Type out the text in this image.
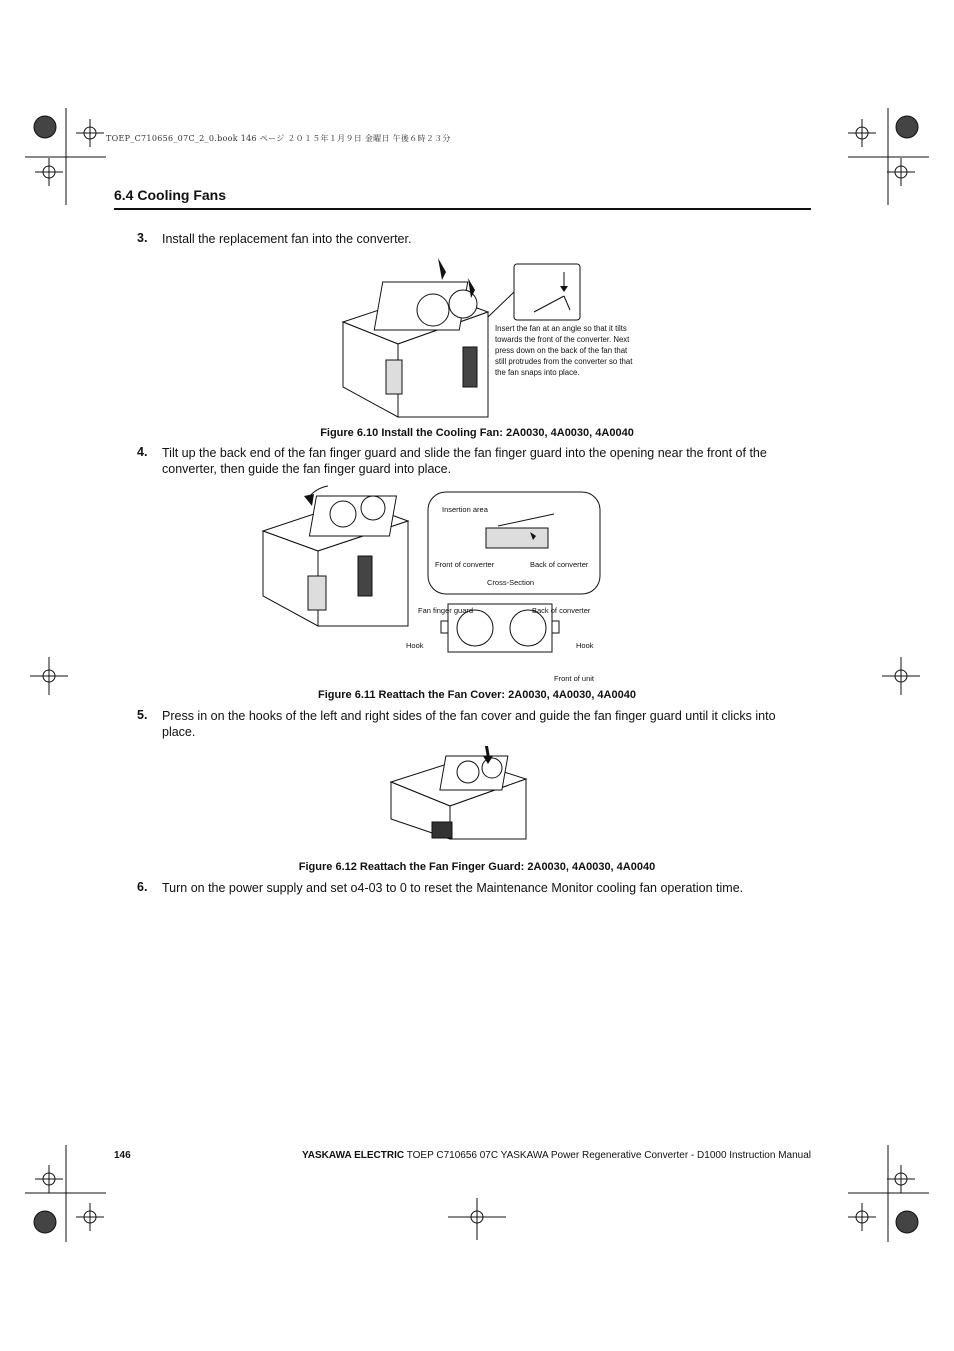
TOEP_C710656_07C_2_0.book 146 ページ ２０１５年１月９日 金曜日 午後６時２３分
6.4 Cooling Fans
3. Install the replacement fan into the converter.
Insert the fan at an angle so that it tilts towards the front of the converter. Next press down on the back of the fan that still protrudes from the converter so that the fan snaps into place.
Figure 6.10 Install the Cooling Fan: 2A0030, 4A0030, 4A0040
4. Tilt up the back end of the fan finger guard and slide the fan finger guard into the opening near the front of the converter, then guide the fan finger guard into place.
Insertion area
Front of converter	Back of converter
Cross-Section
Fan finger guard	Back of converter
Hook	Hook
Front of unit
Figure 6.11 Reattach the Fan Cover: 2A0030, 4A0030, 4A0040
5. Press in on the hooks of the left and right sides of the fan cover and guide the fan finger guard until it clicks into place.
Figure 6.12 Reattach the Fan Finger Guard: 2A0030, 4A0030, 4A0040
6. Turn on the power supply and set o4-03 to 0 to reset the Maintenance Monitor cooling fan operation time.
146	YASKAWA ELECTRIC TOEP C710656 07C YASKAWA Power Regenerative Converter - D1000 Instruction Manual
